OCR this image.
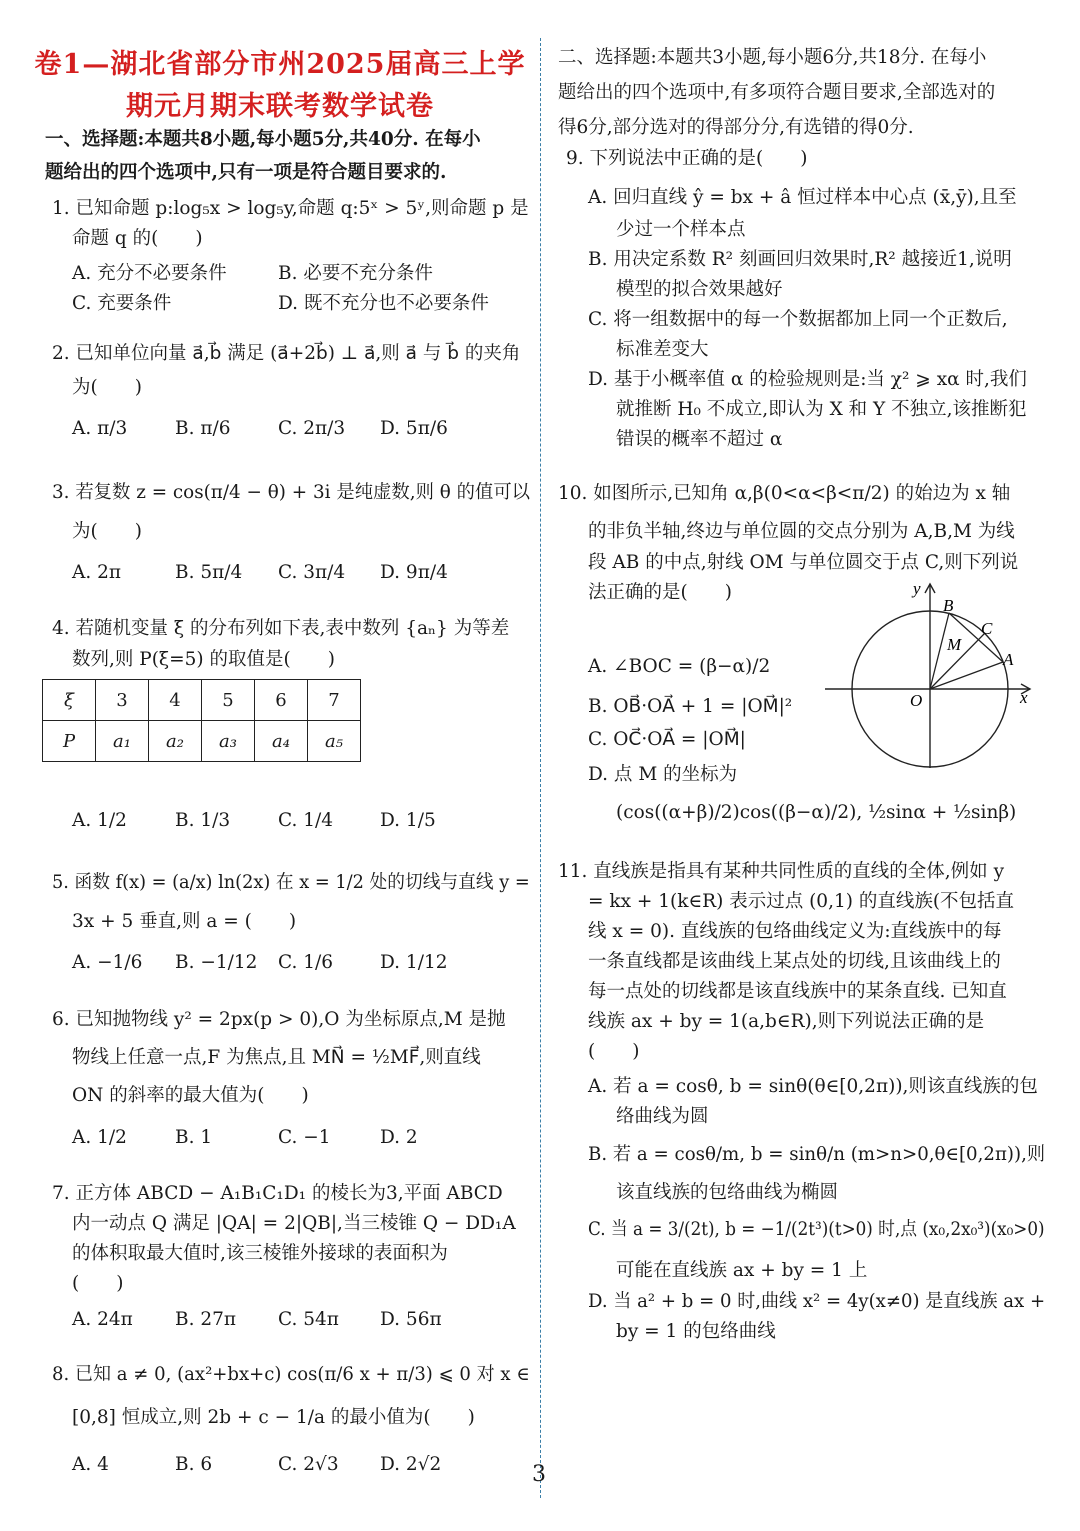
卷1—湖北省部分市州2025届高三上学
期元月期末联考数学试卷
一、选择题:本题共8小题,每小题5分,共40分. 在每小
题给出的四个选项中,只有一项是符合题目要求的.
1. 已知命题 p:log₅x > log₅y,命题 q:5ˣ > 5ʸ,则命题 p 是
命题 q 的(　　)
A. 充分不必要条件	B. 必要不充分条件
C. 充要条件	D. 既不充分也不必要条件
2. 已知单位向量 a⃗,b⃗ 满足 (a⃗+2b⃗) ⊥ a⃗,则 a⃗ 与 b⃗ 的夹角
为(　　)
A. π/3	B. π/6	C. 2π/3 D. 5π/6
3. 若复数 z = cos(π/4 − θ) + 3i 是纯虚数,则 θ 的值可以
为(　　)
A. 2π	B. 5π/4 C. 3π/4 D. 9π/4
4. 若随机变量 ξ 的分布列如下表,表中数列 {aₙ} 为等差
数列,则 P(ξ=5) 的取值是(　　)
A. 1/2	B. 1/3	C. 1/4	D. 1/5
5. 函数 f(x) = (a/x) ln(2x) 在 x = 1/2 处的切线与直线 y =
3x + 5 垂直,则 a = (　　)
A. −1/6 B. −1/12 C. 1/6	D. 1/12
6. 已知抛物线 y² = 2px(p > 0),O 为坐标原点,M 是抛
物线上任意一点,F 为焦点,且 MN⃗ = ½MF⃗,则直线
ON 的斜率的最大值为(　　)
A. 1/2	B. 1	C. −1	D. 2
7. 正方体 ABCD − A₁B₁C₁D₁ 的棱长为3,平面 ABCD
内一动点 Q 满足 |QA| = 2|QB|,当三棱锥 Q − DD₁A
的体积取最大值时,该三棱锥外接球的表面积为
(　　)
A. 24π B. 27π C. 54π D. 56π
8. 已知 a ≠ 0, (ax²+bx+c) cos(π/6 x + π/3) ⩽ 0 对 x ∈
[0,8] 恒成立,则 2b + c − 1/a 的最小值为(　　)
A. 4	B. 6	C. 2√3 D. 2√2
ξ	3	4	5	6	7
P	a₁	a₂	a₃	a₄	a₅
二、选择题:本题共3小题,每小题6分,共18分. 在每小
题给出的四个选项中,有多项符合题目要求,全部选对的
得6分,部分选对的得部分分,有选错的得0分.
9. 下列说法中正确的是(　　)
A. 回归直线 ŷ = bx + â 恒过样本中心点 (x̄,ȳ),且至
少过一个样本点
B. 用决定系数 R² 刻画回归效果时,R² 越接近1,说明
模型的拟合效果越好
C. 将一组数据中的每一个数据都加上同一个正数后,
标准差变大
D. 基于小概率值 α 的检验规则是:当 χ² ⩾ xα 时,我们
就推断 H₀ 不成立,即认为 X 和 Y 不独立,该推断犯
错误的概率不超过 α
10. 如图所示,已知角 α,β(0<α<β<π/2) 的始边为 x 轴
的非负半轴,终边与单位圆的交点分别为 A,B,M 为线
段 AB 的中点,射线 OM 与单位圆交于点 C,则下列说
法正确的是(　　)
A. ∠BOC = (β−α)/2
B. OB⃗·OA⃗ + 1 = |OM⃗|²
C. OC⃗·OA⃗ = |OM⃗|
D. 点 M 的坐标为
(cos((α+β)/2)cos((β−α)/2), ½sinα + ½sinβ)
11. 直线族是指具有某种共同性质的直线的全体,例如 y
= kx + 1(k∈R) 表示过点 (0,1) 的直线族(不包括直
线 x = 0). 直线族的包络曲线定义为:直线族中的每
一条直线都是该曲线上某点处的切线,且该曲线上的
每一点处的切线都是该直线族中的某条直线. 已知直
线族 ax + by = 1(a,b∈R),则下列说法正确的是
(　　)
A. 若 a = cosθ, b = sinθ(θ∈[0,2π)),则该直线族的包
络曲线为圆
B. 若 a = cosθ/m, b = sinθ/n (m>n>0,θ∈[0,2π)),则
该直线族的包络曲线为椭圆
C. 当 a = 3/(2t), b = −1/(2t³)(t>0) 时,点 (x₀,2x₀³)(x₀>0)
可能在直线族 ax + by = 1 上
D. 当 a² + b = 0 时,曲线 x² = 4y(x≠0) 是直线族 ax +
by = 1 的包络曲线
y
x
O
B
C
M
A
3
